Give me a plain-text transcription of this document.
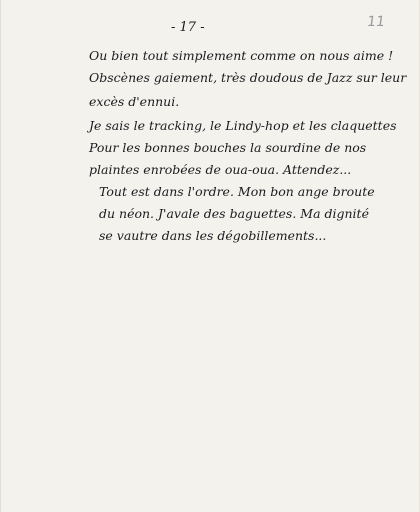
11
- 17 -
Ou bien tout simplement comme on nous aime !
Obscènes gaiement, très doudous de Jazz sur leur
excès d'ennui.
Je sais le tracking, le Lindy-hop et les claquettes
Pour les bonnes bouches la sourdine de nos
plaintes enrobées de oua-oua. Attendez...
Tout est dans l'ordre. Mon bon ange broute
du néon. J'avale des baguettes. Ma dignité
se vautre dans les dégobillements...
